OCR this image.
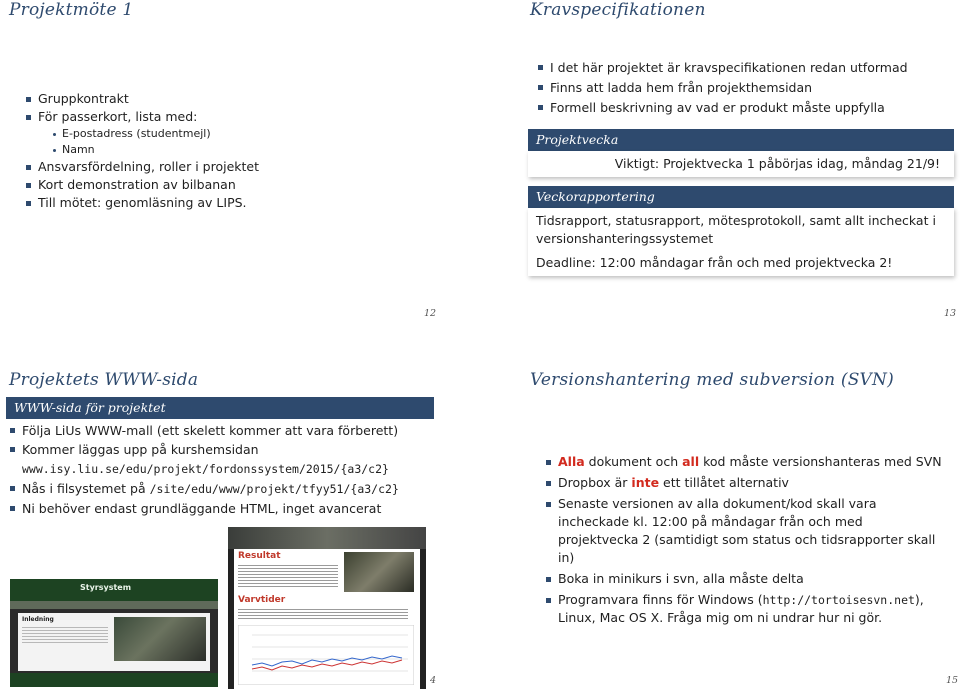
Projektmöte 1
Gruppkontrakt
För passerkort, lista med:
E-postadress (studentmejl)
Namn
Ansvarsfördelning, roller i projektet
Kort demonstration av bilbanan
Till mötet: genomläsning av LIPS.
12
Kravspecifikationen
I det här projektet är kravspecifikationen redan utformad
Finns att ladda hem från projekthemsidan
Formell beskrivning av vad er produkt måste uppfylla
Projektvecka
Viktigt: Projektvecka 1 påbörjas idag, måndag 21/9!
Veckorapportering
Tidsrapport, statusrapport, mötesprotokoll, samt allt incheckat i versionshanteringssystemet
Deadline: 12:00 måndagar från och med projektvecka 2!
13
Projektets WWW-sida
WWW-sida för projektet
Följa LiUs WWW-mall (ett skelett kommer att vara förberett)
Kommer läggas upp på kurshemsidan
www.isy.liu.se/edu/projekt/fordonssystem/2015/{a3/c2}
Nås i filsystemet på /site/edu/www/projekt/tfyy51/{a3/c2}
Ni behöver endast grundläggande HTML, inget avancerat
Styrsystem
Inledning
Resultat
Varvtider
4
Versionshantering med subversion (SVN)
Alla dokument och all kod måste versionshanteras med SVN
Dropbox är inte ett tillåtet alternativ
Senaste versionen av alla dokument/kod skall vara incheckade kl. 12:00 på måndagar från och med projektvecka 2 (samtidigt som status och tidsrapporter skall in)
Boka in minikurs i svn, alla måste delta
Programvara finns för Windows (http://tortoisesvn.net), Linux, Mac OS X. Fråga mig om ni undrar hur ni gör.
15
